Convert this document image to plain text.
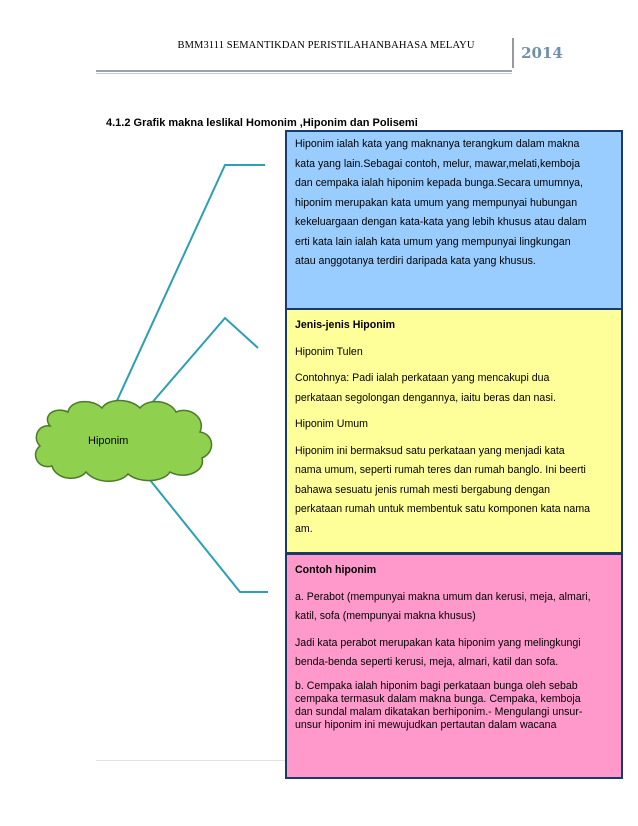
BMM3111 SEMANTIKDAN PERISTILAHANBAHASA MELAYU	2014
4.1.2 Grafik makna leslikal Homonim ,Hiponim dan Polisemi
Hiponim

Hiponim ialah kata yang maknanya terangkum dalam makna

kata yang lain.Sebagai contoh, melur, mawar,melati,kemboja

dan cempaka ialah hiponim kepada bunga.Secara umumnya,

hiponim merupakan kata umum yang mempunyai hubungan

kekeluargaan dengan kata-kata yang lebih khusus atau dalam

erti kata lain ialah kata umum yang mempunyai lingkungan

atau anggotanya terdiri daripada kata yang khusus.

Jenis-jenis Hiponim

Hiponim Tulen

Contohnya: Padi ialah perkataan yang mencakupi dua

perkataan segolongan dengannya, iaitu beras dan nasi.

Hiponim Umum

Hiponim ini bermaksud satu perkataan yang menjadi kata

nama umum, seperti rumah teres dan rumah banglo. Ini beerti

bahawa sesuatu jenis rumah mesti bergabung dengan

perkataan rumah untuk membentuk satu komponen kata nama

am.

Contoh hiponim

a. Perabot (mempunyai makna umum dan kerusi, meja, almari,

katil, sofa (mempunyai makna khusus)

Jadi kata perabot merupakan kata hiponim yang melingkungi

benda-benda seperti kerusi, meja, almari, katil dan sofa.

b. Cempaka ialah hiponim bagi perkataan bunga oleh sebab

cempaka termasuk dalam makna bunga. Cempaka, kemboja

dan sundal malam dikatakan berhiponim.- Mengulangi unsur-

unsur hiponim ini mewujudkan pertautan dalam wacana
